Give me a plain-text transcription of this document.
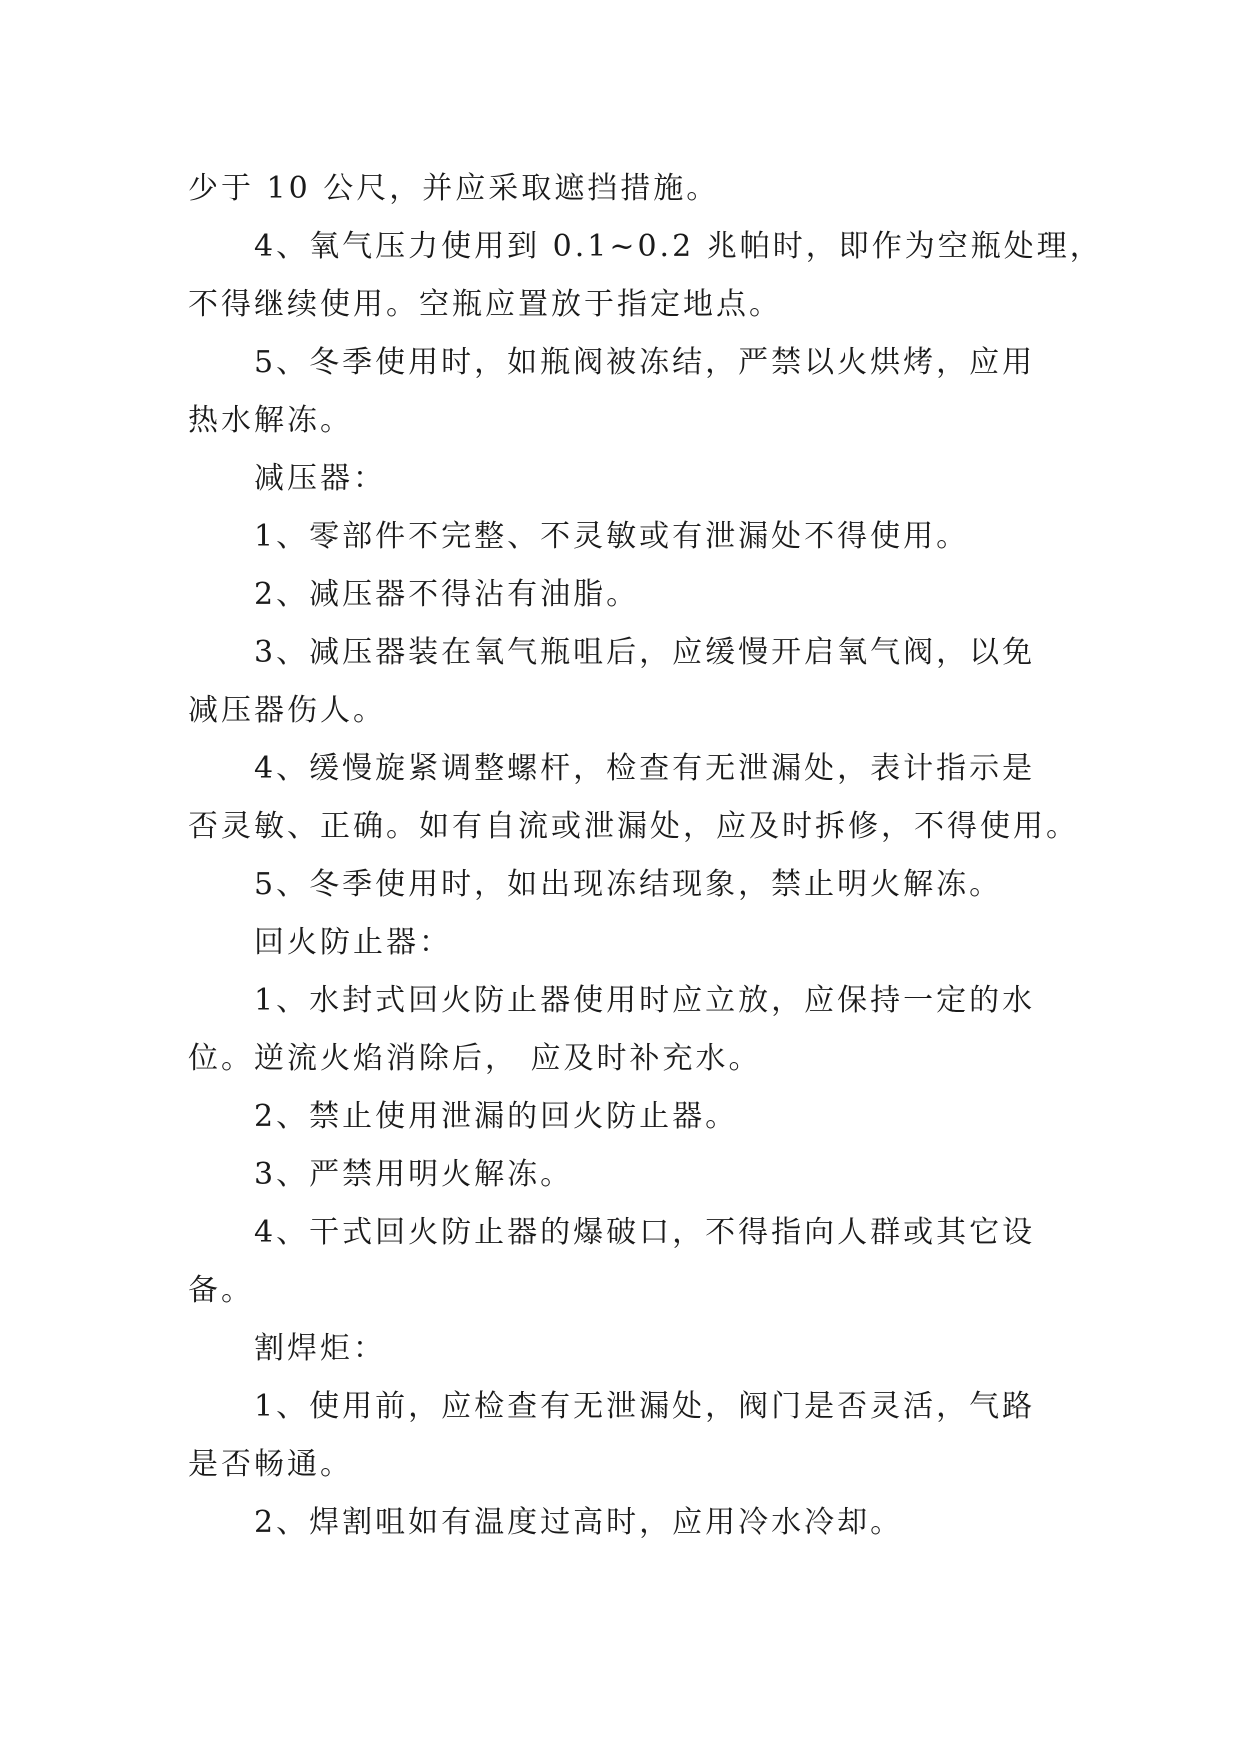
少于 10 公尺，并应采取遮挡措施。
4、氧气压力使用到 0.1~0.2 兆帕时，即作为空瓶处理，
不得继续使用。空瓶应置放于指定地点。
5、冬季使用时，如瓶阀被冻结，严禁以火烘烤，应用
热水解冻。
减压器：
1、零部件不完整、不灵敏或有泄漏处不得使用。
2、减压器不得沾有油脂。
3、减压器装在氧气瓶咀后，应缓慢开启氧气阀，以免
减压器伤人。
4、缓慢旋紧调整螺杆，检查有无泄漏处，表计指示是
否灵敏、正确。如有自流或泄漏处，应及时拆修，不得使用。
5、冬季使用时，如出现冻结现象，禁止明火解冻。
回火防止器：
1、水封式回火防止器使用时应立放，应保持一定的水
位。逆流火焰消除后， 应及时补充水。
2、禁止使用泄漏的回火防止器。
3、严禁用明火解冻。
4、干式回火防止器的爆破口，不得指向人群或其它设
备。
割焊炬：
1、使用前，应检查有无泄漏处，阀门是否灵活，气路
是否畅通。
2、焊割咀如有温度过高时，应用冷水冷却。
